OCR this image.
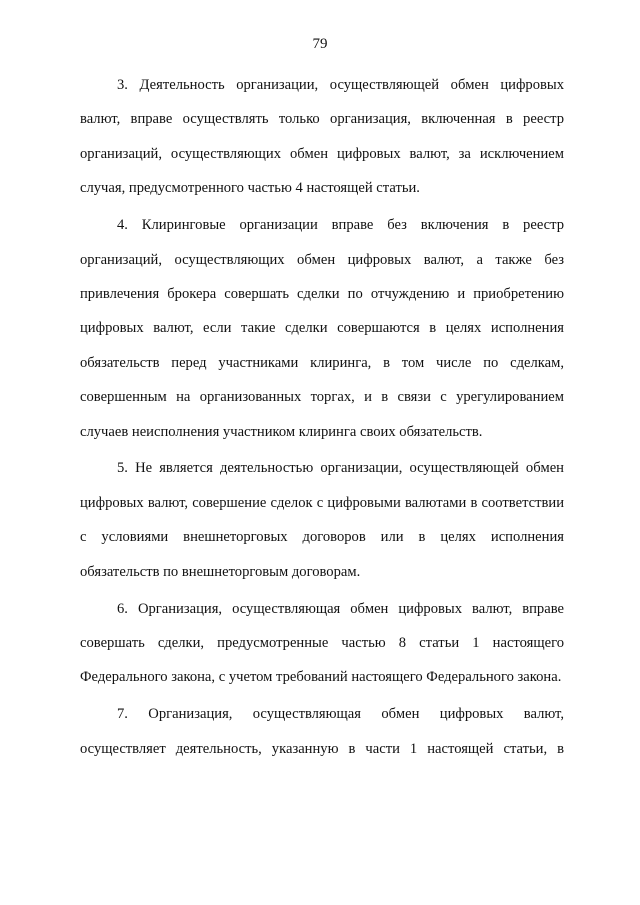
79

3. Деятельность организации, осуществляющей обмен цифровых валют, вправе осуществлять только организация, включенная в реестр организаций, осуществляющих обмен цифровых валют, за исключением случая, предусмотренного частью 4 настоящей статьи.

4. Клиринговые организации вправе без включения в реестр организаций, осуществляющих обмен цифровых валют, а также без привлечения брокера совершать сделки по отчуждению и приобретению цифровых валют, если такие сделки совершаются в целях исполнения обязательств перед участниками клиринга, в том числе по сделкам, совершенным на организованных торгах, и в связи с урегулированием случаев неисполнения участником клиринга своих обязательств.

5. Не является деятельностью организации, осуществляющей обмен цифровых валют, совершение сделок с цифровыми валютами в соответствии с условиями внешнеторговых договоров или в целях исполнения обязательств по внешнеторговым договорам.

6. Организация, осуществляющая обмен цифровых валют, вправе совершать сделки, предусмотренные частью 8 статьи 1 настоящего Федерального закона, с учетом требований настоящего Федерального закона.

7. Организация, осуществляющая обмен цифровых валют, осуществляет деятельность, указанную в части 1 настоящей статьи, в
